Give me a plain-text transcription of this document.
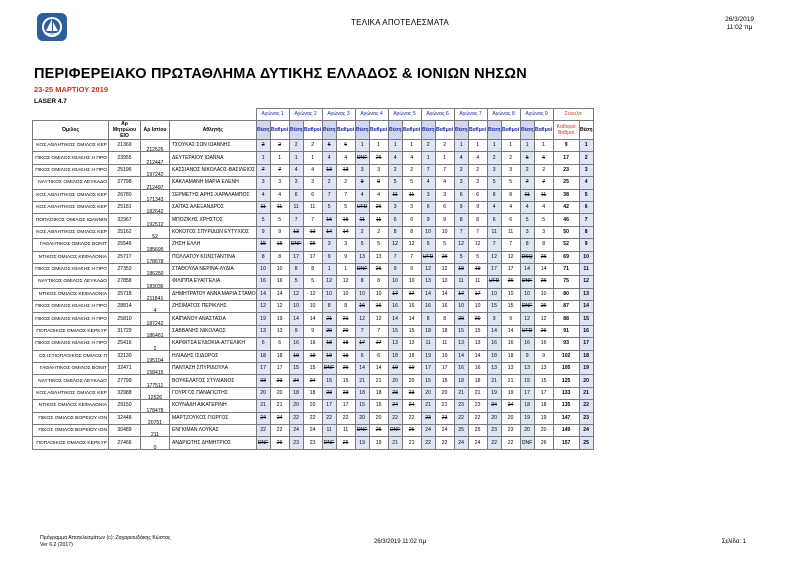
ΤΕΛΙΚΑ ΑΠΟΤΕΛΕΣΜΑΤΑ	26/3/2019
11:02 πμ
ΠΕΡΙΦΕΡΕΙΑΚΟ ΠΡΩΤΑΘΛΗΜΑ ΔΥΤΙΚΗΣ ΕΛΛΑΔΟΣ & ΙΟΝΙΩΝ ΝΗΣΩΝ
23-25 ΜΑΡΤΙΟΥ 2019
LASER 4.7
				Αγώνας 1		Αγώνας 2		Αγώνας 3		Αγώνας 4		Αγώνας 5		Αγώνας 6		Αγώνας 7		Αγώνας 8		Αγώνας 9		Σύνολα	
Όμιλος	Αρ Μητρώου ΕΙΟ	Αρ Ιστίου	Αθλητής	Θέση	Βαθμοί	Θέση	Βαθμοί	Θέση	Βαθμοί	Θέση	Βαθμοί	Θέση	Βαθμοί	Θέση	Βαθμοί	Θέση	Βαθμοί	Θέση	Βαθμοί	Θέση	Βαθμοί	Καθαροί Βαθμοί	Θέση
ΚΟΣ ΑΘΛΗΤΙΚΟΣ ΟΜΙΛΟΣ ΚΕΡ	21369	212526	ΤΣΟΥΚΑΣ ΣΩΝ ΙΩΑΝΝΗΣ	2	2	2	2	6	6	1	1	1	1	2	2	1	1	1	1	1	1	9	1
ΠΙΚΟΣ ΟΜΙΛΟΣ ΙΘΑΚΗΣ Η ΠΡΟ	23955	212447	ΔΕΥΤΕΡΑΙΟΥ ΙΩΑΝΝΑ	1	1	1	1	4	4	DNF	26	4	4	1	1	4	4	2	2	6	6	17	2
ΠΙΚΟΣ ΟΜΙΛΟΣ ΙΘΑΚΗΣ Η ΠΡΟ	25196	197242	ΚΑΣΣΙΑΝΟΣ ΝΙΚΟΛΑΟΣ-ΒΑΣΙΛΕΙΟΣ	7	7	4	4	13	13	3	3	2	2	7	7	2	2	3	3	2	2	23	3
ΝΑΥΤΙΚΟΣ ΟΜΙΛΟΣ ΛΕΥΚΑΔΟ	27798	212497	ΚΑΚΛΑΜΑΝΗ ΜΑΡΙΑ ΕΛΕΝΗ	3	3	3	3	2	2	9	9	5	5	4	4	3	3	5	5	7	7	25	4
ΚΟΣ ΑΘΛΗΤΙΚΟΣ ΟΜΙΛΟΣ ΚΕΡ	26780	171343	ΣΕΡΜΕΤΗΣ ΑΡΗΣ-ΧΑΡΑΛΑΜΠΟΣ	4	4	6	6	7	7	4	4	11	11	3	3	6	6	8	8	11	11	38	5
ΚΟΣ ΑΘΛΗΤΙΚΟΣ ΟΜΙΛΟΣ ΚΕΡ	25181	182642	ΣΑΪΤΑΣ ΑΛΕΞΑΝΔΡΟΣ	11	11	11	11	5	5	UFD	26	3	3	6	6	9	9	4	4	4	4	42	6
ΠΟΠΛΟΙΚΟΣ ΟΜΙΛΟΣ ΙΩΑΝΝΙΝ	32967	192512	ΜΠΟΖΙΚΗΣ ΧΡΗΣΤΟΣ	5	5	7	7	16	16	11	11	6	6	9	9	8	8	6	6	5	5	46	7
ΚΟΣ ΑΘΛΗΤΙΚΟΣ ΟΜΙΛΟΣ ΚΕΡ	25162	52	ΚΟΚΟΤΟΣ ΣΠΥΡΙΔΩΝ ΕΥΤΥΧΙΟΣ	9	9	13	13	14	14	2	2	8	8	10	10	7	7	11	11	3	3	50	8
ΓΑΘΛΗΤΙΚΟΣ ΟΜΙΛΟΣ ΒΟΝΙΤ	25546	185695	ΖΗΣΗ ΕΛΛΗ	15	15	DNF	26	3	3	5	5	12	12	5	5	12	12	7	7	8	8	52	9
ΝΤΙΚΟΣ ΟΜΙΛΟΣ ΚΕΦΑΛΟΝΙΑ	25717	178678	ΠΟΛΛΑΤΟΥ ΚΩΝΣΤΑΝΤΙΝΑ	8	8	17	17	9	9	13	13	7	7	UFD	26	5	5	12	12	DSQ	26	69	10
ΠΙΚΟΣ ΟΜΙΛΟΣ ΙΘΑΚΗΣ Η ΠΡΟ	27353	186250	ΣΤΑΘΟΥΛΑ ΝΕΡΙΝΑ-ΛΥΔΙΑ	10	10	8	8	1	1	DNF	26	9	9	12	12	19	19	17	17	14	14	71	11
ΝΑΥΤΙΚΟΣ ΟΜΙΛΟΣ ΛΕΥΚΑΔΟ	27858	183036	ΦΙΛΙΠΠΑ ΕΥΑΓΓΕΛΙΑ	16	16	5	5	12	12	8	8	10	10	13	13	11	11	UFD	26	DNF	26	75	12
ΝΤΙΚΟΣ ΟΜΙΛΟΣ ΚΕΦΑΛΟΝΙΑ	25718	211841	ΔΗΜΗΤΡΑΤΟΥ ΑΝΝΑ ΜΑΡΙΑ ΣΤΑΜΟ	14	14	12	12	10	10	10	10	17	17	14	14	17	17	10	10	10	10	80	13
ΠΙΚΟΣ ΟΜΙΛΟΣ ΙΘΑΚΗΣ Η ΠΡΟ	28814	4	ΖΗΣΙΜΑΤΟΣ ΠΕΡΙΚΛΗΣ	12	12	10	10	8	8	16	16	16	16	16	16	10	10	15	15	DNF	26	87	14
ΠΙΚΟΣ ΟΜΙΛΟΣ ΙΘΑΚΗΣ Η ΠΡΟ	25810	187242	ΚΑΪΠΑΝΟΥ ΑΝΑΣΤΑΣΙΑ	19	19	14	14	21	21	12	12	14	14	8	8	20	20	9	9	12	12	88	15
ΠΟΠΛΟΙΚΟΣ ΟΜΙΛΟΣ ΚΕΡΚΥΡ	31729	186461	ΣΑΒΒΑΝΗΣ ΝΙΚΟΛΑΟΣ	13	13	9	9	20	20	7	7	15	15	18	18	15	15	14	14	UFD	26	91	16
ΠΙΚΟΣ ΟΜΙΛΟΣ ΙΘΑΚΗΣ Η ΠΡΟ	25416	2	ΚΑΡΦΙΤΣΑ ΕΥΔΟΚΙΑ-ΑΓΓΕΛΙΚΗ	6	6	16	16	18	18	17	17	13	13	11	11	13	13	16	16	16	16	93	17
ΟΣ ΙΣΤΙΟΠΛΟΙΚΟΣ ΟΜΙΛΟΣ Π	32130	195104	ΗΛΙΑΔΗΣ ΙΣΙΔΩΡΟΣ	18	18	19	19	19	19	6	6	18	18	19	19	14	14	18	18	9	9	102	18
ΓΑΘΛΗΤΙΚΟΣ ΟΜΙΛΟΣ ΒΟΝΙΤ	32471	158415	ΠΑΝΤΑΖΗ ΣΠΥΡΙΔΟΥΛΑ	17	17	15	15	DNF	26	14	14	19	19	17	17	16	16	13	13	13	13	105	19
ΝΑΥΤΙΚΟΣ ΟΜΙΛΟΣ ΛΕΥΚΑΔΟ	27799	177511	ΒΟΥΚΕΛΑΤΟΣ ΣΤΥΛΙΑΝΟΣ	23	23	24	24	15	15	21	21	20	20	15	15	18	18	21	21	15	15	125	20
ΚΟΣ ΑΘΛΗΤΙΚΟΣ ΟΜΙΛΟΣ ΚΕΡ	32988	12526	ΓΟΥΡΓΟΣ ΠΑΝΑΓΙΩΤΗΣ	20	20	18	18	23	23	18	18	23	23	20	20	21	21	19	19	17	17	133	21
ΝΤΙΚΟΣ ΟΜΙΛΟΣ ΚΕΦΑΛΟΝΙΑ	29150	178478	ΚΟΥΝΑΔΗ ΑΙΚΑΤΕΡΙΝΗ	21	21	20	20	17	17	15	15	24	24	21	21	23	23	24	24	18	18	135	22
ΠΙΚΟΣ ΟΜΙΛΟΣ ΒΟΡΕΙΟΥ ΙΟΝ	32448	20751	ΜΑΡΤΖΟΥΚΟΣ ΓΙΩΡΓΟΣ	24	24	22	22	22	22	20	20	22	22	23	23	22	22	20	20	19	19	147	23
ΠΙΚΟΣ ΟΜΙΛΟΣ ΒΟΡΕΙΟΥ ΙΟΝ	30489	211	ΕΝΓΚΙΜΑΝ ΛΟΥΚΑΣ	22	22	24	24	11	11	DNF	26	DNF	26	24	24	25	25	23	23	20	20	149	24
ΠΟΠΛΟΙΚΟΣ ΟΜΙΛΟΣ ΚΕΡΚΥΡ	27466	0	ΑΝΔΡΙΩΤΗΣ ΔΗΜΗΤΡΙΟΣ	DNF	26	23	23	DNF	26	19	19	21	21	22	22	24	24	22	22	DNF	26	157	25
Πρόγραμμα Αποτελεσμάτων (c): Ζαχαριουδάκης Κώστας
Ver 6.2 (2017)	26/3/2019 11:02 πμ	Σελίδα: 1
